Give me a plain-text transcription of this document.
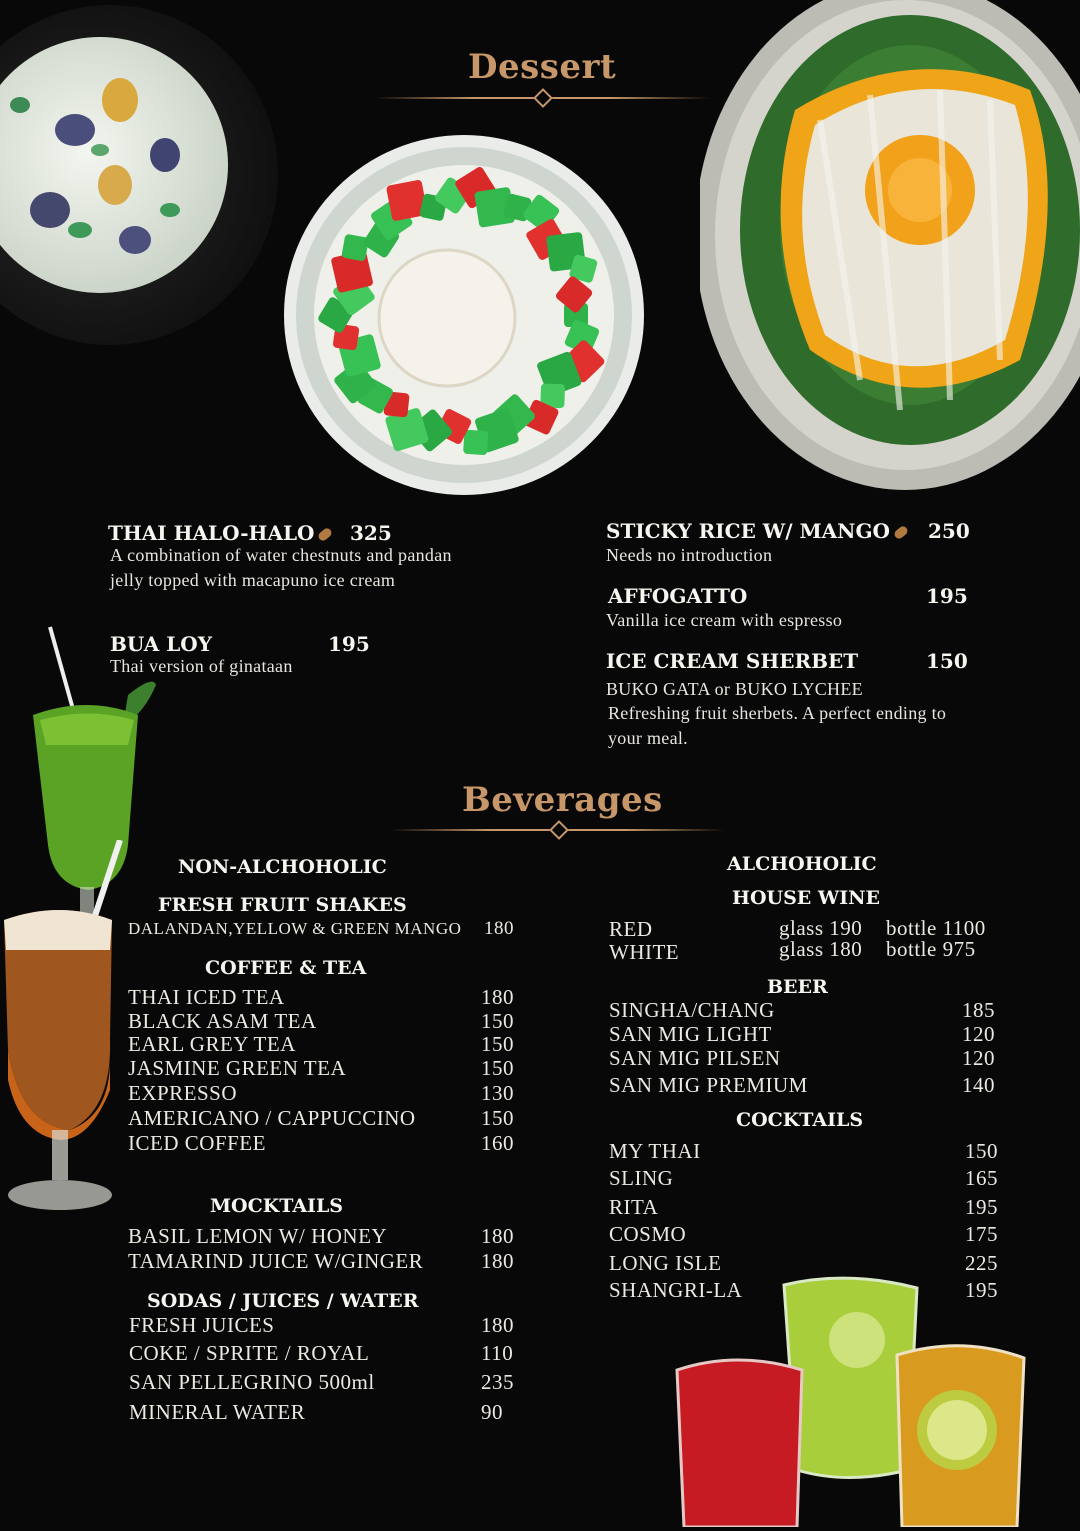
Dessert
THAI HALO-HALO	325
A combination of water chestnuts and pandan jelly topped with macapuno ice cream
BUA LOY	195
Thai version of ginataan
STICKY RICE W/ MANGO	250
Needs no introduction
AFFOGATTO	195
Vanilla ice cream with espresso
ICE CREAM SHERBET	150
BUKO GATA or BUKO LYCHEE
Refreshing fruit sherbets. A perfect ending to your meal.
Beverages
NON-ALCHOHOLIC
FRESH FRUIT SHAKES
DALANDAN,YELLOW & GREEN MANGO 180
COFFEE & TEA
THAI ICED TEA	180
BLACK ASAM TEA	150
EARL GREY TEA	150
JASMINE GREEN TEA	150
EXPRESSO	130
AMERICANO / CAPPUCCINO	150
ICED COFFEE	160
MOCKTAILS
BASIL LEMON W/ HONEY	180
TAMARIND JUICE W/GINGER	180
SODAS / JUICES / WATER
FRESH JUICES	180
COKE / SPRITE / ROYAL	110
SAN PELLEGRINO 500ml	235
MINERAL WATER	90
ALCHOHOLIC
HOUSE WINE
RED	glass 190 bottle 1100
WHITE	glass 180 bottle 975
BEER
SINGHA/CHANG	185
SAN MIG LIGHT	120
SAN MIG PILSEN	120
SAN MIG PREMIUM	140
COCKTAILS
MY THAI	150
SLING	165
RITA	195
COSMO	175
LONG ISLE	225
SHANGRI-LA	195
